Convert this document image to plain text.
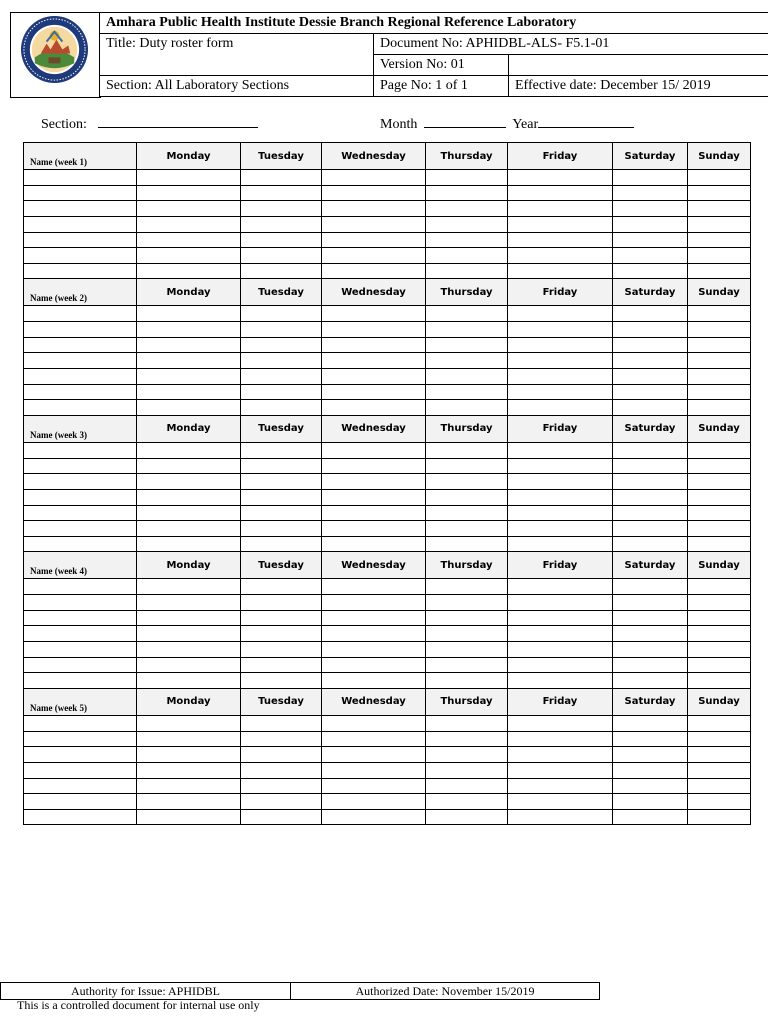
Amhara Public Health Institute Dessie Branch Regional Reference Laboratory		
Title: Duty roster form	Document No: APHIDBL-ALS- F5.1-01	
	Version No: 01	
Section: All Laboratory Sections	Page No: 1 of 1	Effective date: December 15/ 2019
Section:	Month	Year
Name (week 1)	Monday	Tuesday	Wednesday	Thursday	Friday	Saturday	Sunday

Name (week 2)	Monday	Tuesday	Wednesday	Thursday	Friday	Saturday	Sunday

Name (week 3)	Monday	Tuesday	Wednesday	Thursday	Friday	Saturday	Sunday

Name (week 4)	Monday	Tuesday	Wednesday	Thursday	Friday	Saturday	Sunday

Name (week 5)	Monday	Tuesday	Wednesday	Thursday	Friday	Saturday	Sunday

Authority for Issue: APHIDBL	Authorized Date: November 15/2019
This is a controlled document for internal use only
